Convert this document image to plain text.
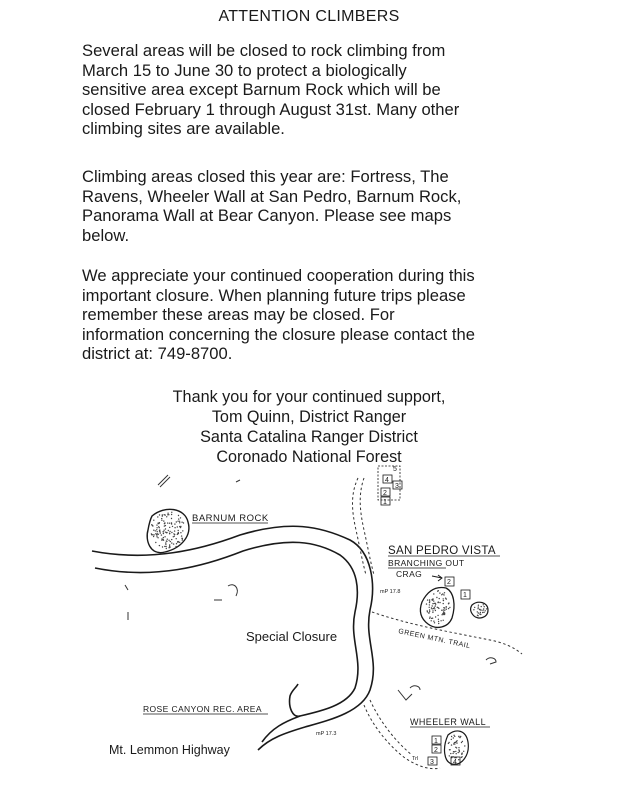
ATTENTION CLIMBERS
Several areas will be closed to rock climbing from
March 15 to June 30 to protect a biologically
sensitive area except Barnum Rock which will be
closed February 1 through August 31st. Many other
climbing sites are available.
Climbing areas closed this year are: Fortress, The
Ravens, Wheeler Wall at San Pedro, Barnum Rock,
Panorama Wall at Bear Canyon. Please see maps
below.
We appreciate your continued cooperation during this
important closure. When planning future trips please
remember these areas may be closed. For
information concerning the closure please contact the
district at: 749-8700.
Thank you for your continued support,
Tom Quinn, District Ranger
Santa Catalina Ranger District
Coronado National Forest
5
4
3
2
1
2
1
1
2
3	4
BARNUM ROCK
SAN PEDRO VISTA
BRANCHING OUT
CRAG
mP 17.8
GREEN MTN. TRAIL
Special Closure
ROSE CANYON REC. AREA
mP 17.3
Mt. Lemmon Highway
WHEELER WALL
Trl
